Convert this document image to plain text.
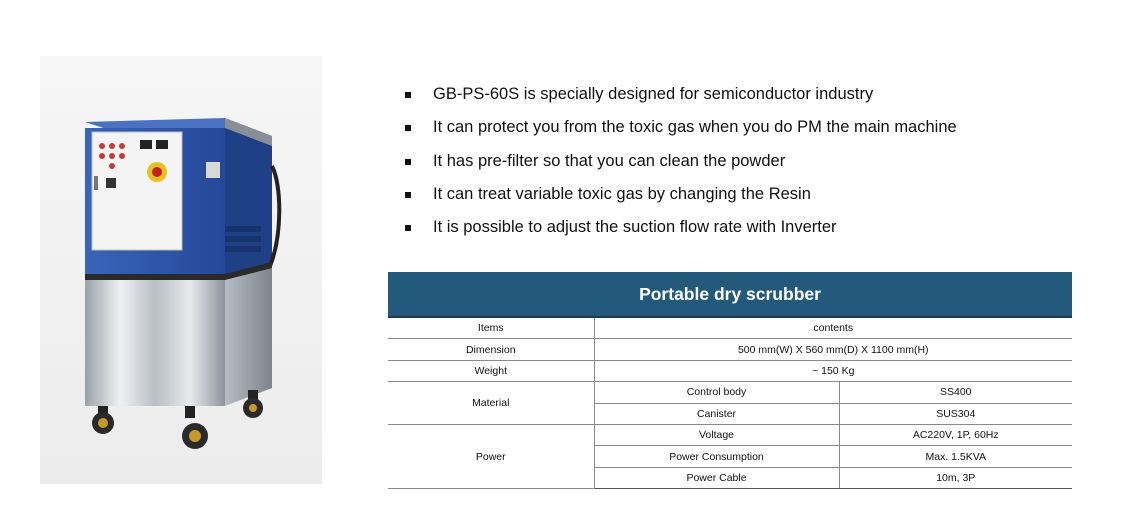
GB-PS-60S is specially designed for semiconductor industry
It can protect you from the toxic gas when you do PM the main machine
It has pre-filter so that you can clean the powder
It can treat variable toxic gas by changing the Resin
It is possible to adjust the suction flow rate with Inverter
Portable dry scrubber		
Items	contents	
Dimension	500 mm(W) X 560 mm(D) X 1100 mm(H)	
Weight	~ 150 Kg	
Material	Control body	SS400
	Canister	SUS304
Power	Voltage	AC220V, 1P, 60Hz
	Power Consumption	Max. 1.5KVA
	Power Cable	10m, 3P
